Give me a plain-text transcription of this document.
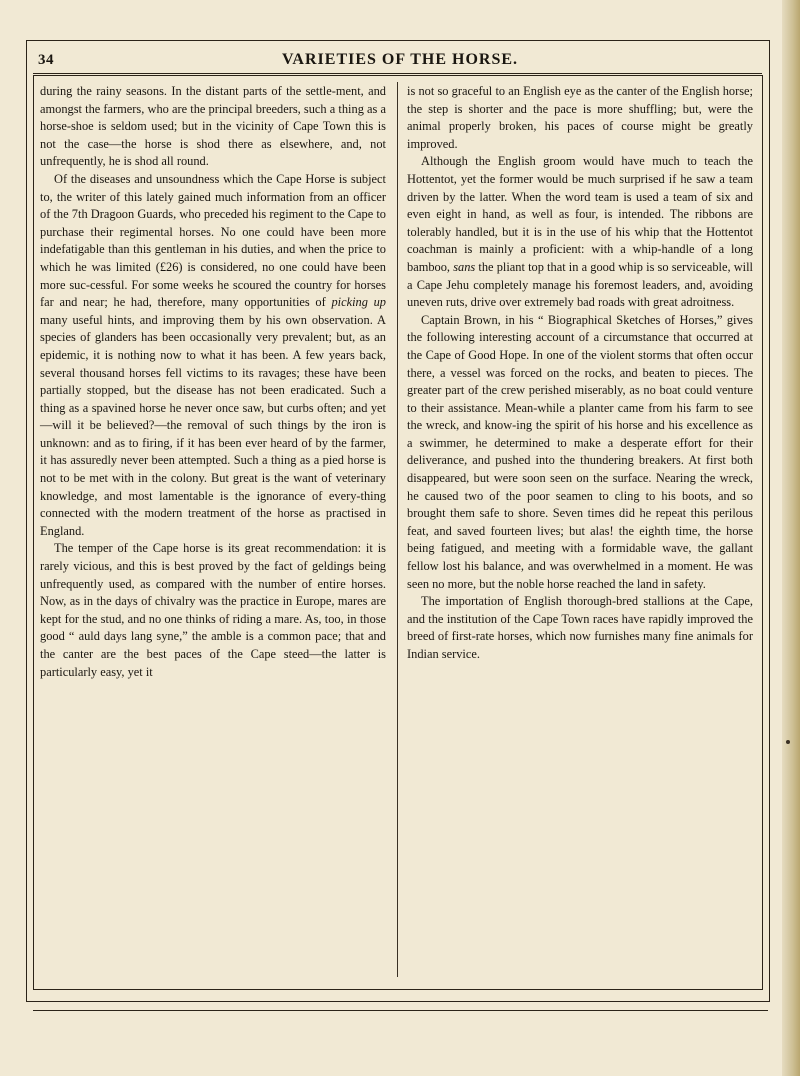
34	VARIETIES OF THE HORSE.

during the rainy seasons. In the distant parts of the settle-ment, and amongst the farmers, who are the principal breeders, such a thing as a horse-shoe is seldom used; but in the vicinity of Cape Town this is not the case—the horse is shod there as elsewhere, and, not unfrequently, he is shod all round.

Of the diseases and unsoundness which the Cape Horse is subject to, the writer of this lately gained much information from an officer of the 7th Dragoon Guards, who preceded his regiment to the Cape to purchase their regimental horses. No one could have been more indefatigable than this gentleman in his duties, and when the price to which he was limited (£26) is considered, no one could have been more suc-cessful. For some weeks he scoured the country for horses far and near; he had, therefore, many opportunities of picking up many useful hints, and improving them by his own observation. A species of glanders has been occasionally very prevalent; but, as an epidemic, it is nothing now to what it has been. A few years back, several thousand horses fell victims to its ravages; these have been partially stopped, but the disease has not been eradicated. Such a thing as a spavined horse he never once saw, but curbs often; and yet—will it be believed?—the removal of such things by the iron is unknown: and as to firing, if it has been ever heard of by the farmer, it has assuredly never been attempted. Such a thing as a pied horse is not to be met with in the colony. But great is the want of veterinary knowledge, and most lamentable is the ignorance of every-thing connected with the modern treatment of the horse as practised in England.

The temper of the Cape horse is its great recommendation: it is rarely vicious, and this is best proved by the fact of geldings being unfrequently used, as compared with the number of entire horses. Now, as in the days of chivalry was the practice in Europe, mares are kept for the stud, and no one thinks of riding a mare. As, too, in those good “ auld days lang syne,” the amble is a common pace; that and the canter are the best paces of the Cape steed—the latter is particularly easy, yet it

is not so graceful to an English eye as the canter of the English horse; the step is shorter and the pace is more shuffling; but, were the animal properly broken, his paces of course might be greatly improved.

Although the English groom would have much to teach the Hottentot, yet the former would be much surprised if he saw a team driven by the latter. When the word team is used a team of six and even eight in hand, as well as four, is intended. The ribbons are tolerably handled, but it is in the use of his whip that the Hottentot coachman is mainly a proficient: with a whip-handle of a long bamboo, sans the pliant top that in a good whip is so serviceable, will a Cape Jehu completely manage his foremost leaders, and, avoiding uneven ruts, drive over extremely bad roads with great adroitness.

Captain Brown, in his “ Biographical Sketches of Horses,” gives the following interesting account of a circumstance that occurred at the Cape of Good Hope. In one of the violent storms that often occur there, a vessel was forced on the rocks, and beaten to pieces. The greater part of the crew perished miserably, as no boat could venture to their assistance. Mean-while a planter came from his farm to see the wreck, and know-ing the spirit of his horse and his excellence as a swimmer, he determined to make a desperate effort for their deliverance, and pushed into the thundering breakers. At first both disappeared, but were soon seen on the surface. Nearing the wreck, he caused two of the poor seamen to cling to his boots, and so brought them safe to shore. Seven times did he repeat this perilous feat, and saved fourteen lives; but alas! the eighth time, the horse being fatigued, and meeting with a formidable wave, the gallant fellow lost his balance, and was overwhelmed in a moment. He was seen no more, but the noble horse reached the land in safety.

The importation of English thorough-bred stallions at the Cape, and the institution of the Cape Town races have rapidly improved the breed of first-rate horses, which now furnishes many fine animals for Indian service.
